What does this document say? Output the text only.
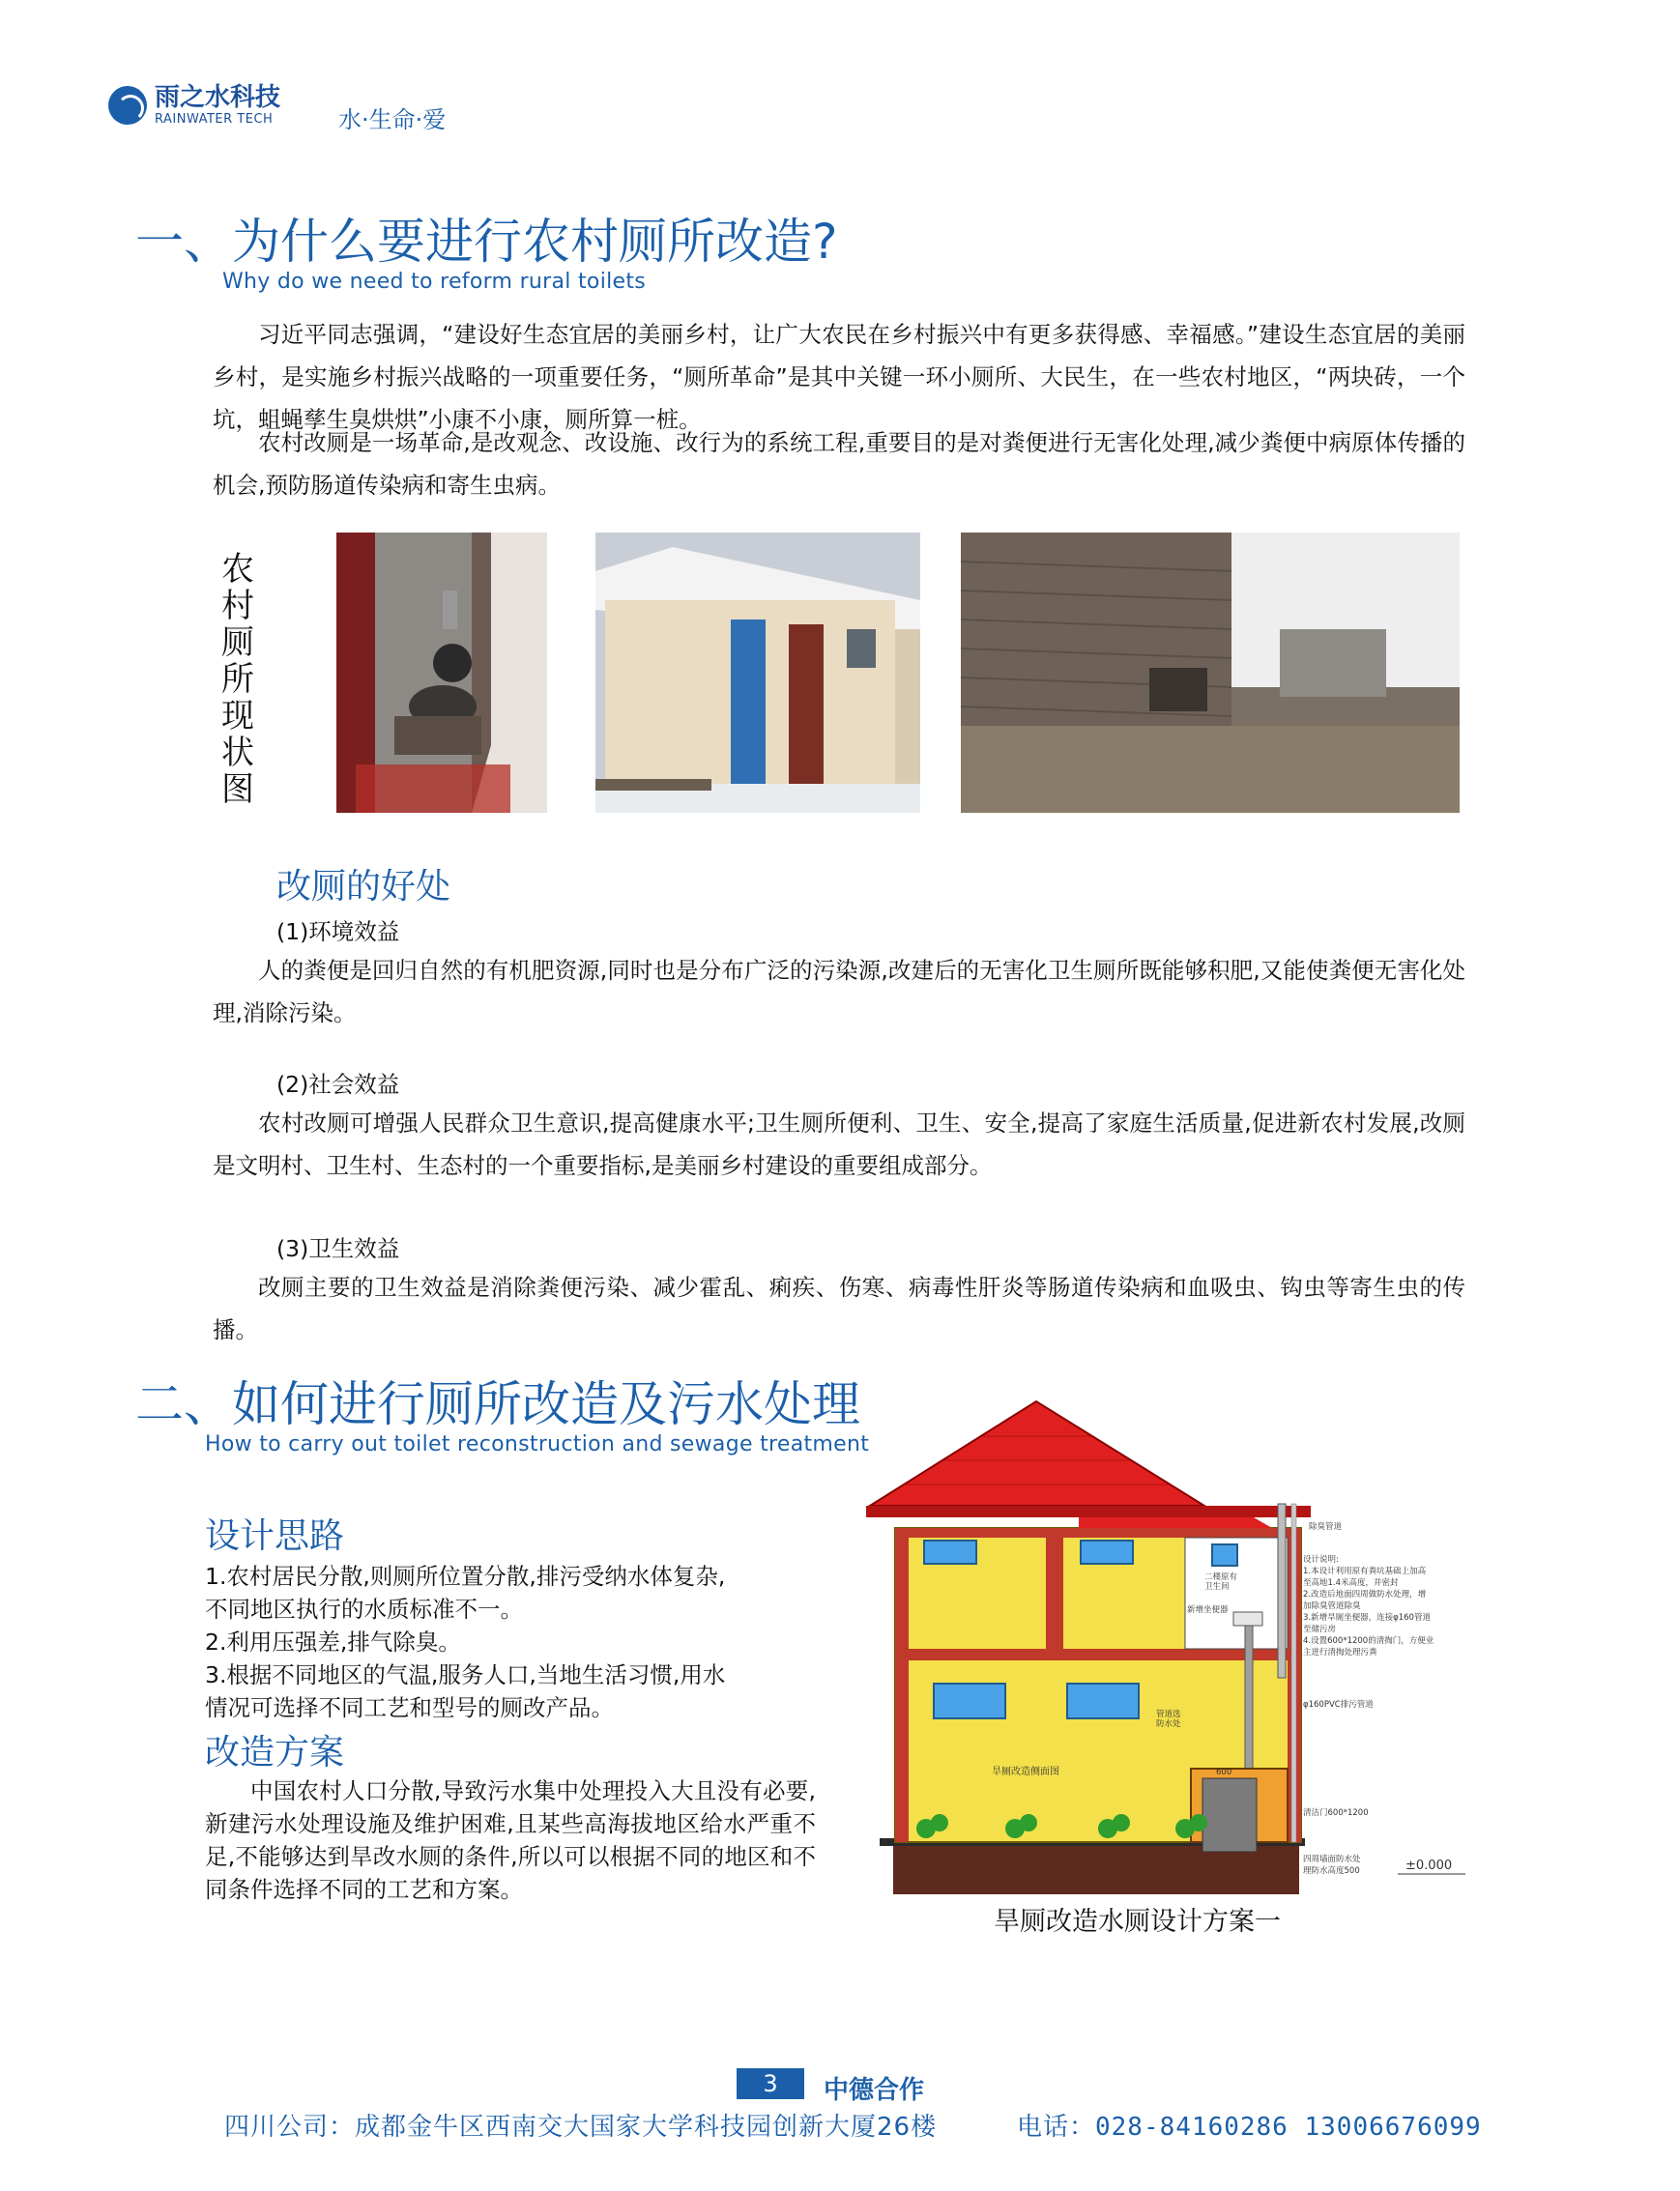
雨之水科技
RAINWATER TECH	水·生命·爱
一、为什么要进行农村厕所改造?
Why do we need to reform rural toilets
习近平同志强调，“建设好生态宜居的美丽乡村，让广大农民在乡村振兴中有更多获得感、幸福感。”建设生态宜居的美丽乡村，是实施乡村振兴战略的一项重要任务，“厕所革命”是其中关键一环小厕所、大民生，在一些农村地区，“两块砖，一个坑，蛆蝇孳生臭烘烘”小康不小康，厕所算一桩。
农村改厕是一场革命,是改观念、改设施、改行为的系统工程,重要目的是对粪便进行无害化处理,减少粪便中病原体传播的机会,预防肠道传染病和寄生虫病。
农村厕所现状图
改厕的好处
(1)环境效益
人的粪便是回归自然的有机肥资源,同时也是分布广泛的污染源,改建后的无害化卫生厕所既能够积肥,又能使粪便无害化处理,消除污染。
(2)社会效益
农村改厕可增强人民群众卫生意识,提高健康水平;卫生厕所便利、卫生、安全,提高了家庭生活质量,促进新农村发展,改厕是文明村、卫生村、生态村的一个重要指标,是美丽乡村建设的重要组成部分。
(3)卫生效益
改厕主要的卫生效益是消除粪便污染、减少霍乱、痢疾、伤寒、病毒性肝炎等肠道传染病和血吸虫、钩虫等寄生虫的传播。
二、如何进行厕所改造及污水处理
How to carry out toilet reconstruction and sewage treatment
设计思路
1.农村居民分散,则厕所位置分散,排污受纳水体复杂,
不同地区执行的水质标准不一。
2.利用压强差,排气除臭。
3.根据不同地区的气温,服务人口,当地生活习惯,用水
情况可选择不同工艺和型号的厕改产品。
改造方案
中国农村人口分散,导致污水集中处理投入大且没有必要,新建污水处理设施及维护困难,且某些高海拔地区给水严重不足,不能够达到旱改水厕的条件,所以可以根据不同的地区和不同条件选择不同的工艺和方案。
二楼原有
卫生间
新增坐便器
管道选
防水处
600
旱厕改造侧面图
除臭管道
设计说明:
1.本设计利用原有粪坑基础上加高
至高地1.4米高度，并密封
2.改造后地面四周做防水处理，增
加除臭管道除臭
3.新增旱厕坐便器，连接φ160管道
至储污房
4.设置600*1200的清掏门，方便业
主进行清掏处理污粪
φ160PVC排污管道
清洁门600*1200
四周墙面防水处
理防水高度500	±0.000
旱厕改造水厕设计方案一
3	中德合作
四川公司：成都金牛区西南交大国家大学科技园创新大厦26楼	电话：028-84160286 13006676099
